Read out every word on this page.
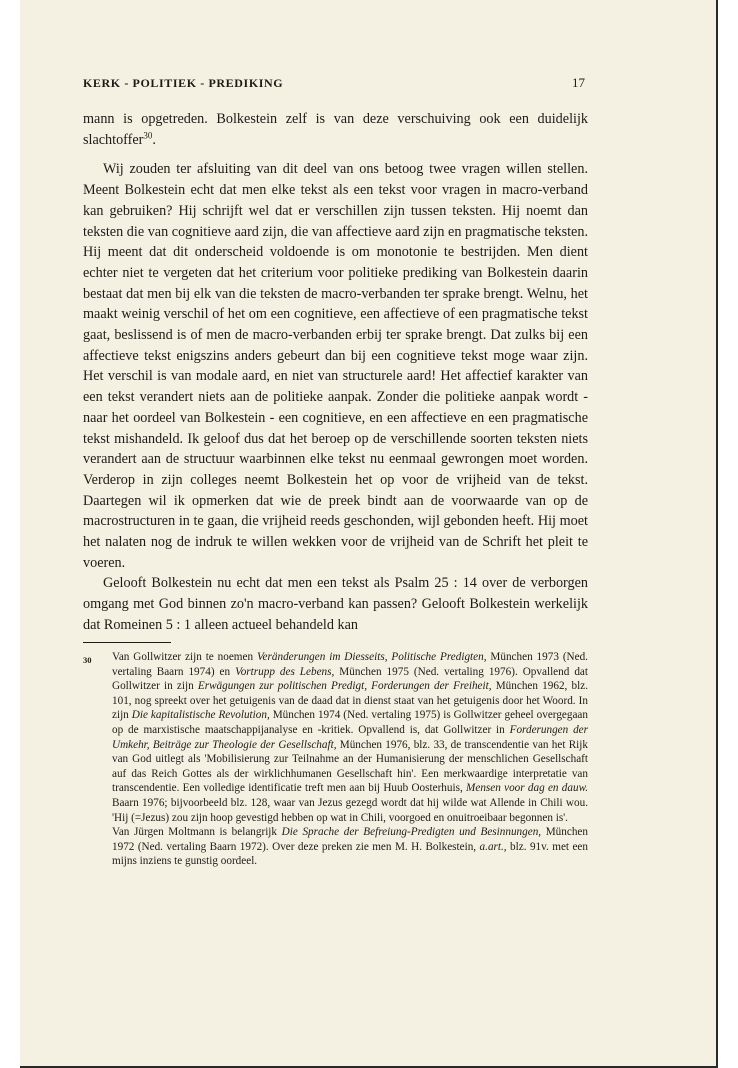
KERK - POLITIEK - PREDIKING	17

mann is opgetreden. Bolkestein zelf is van deze verschuiving ook een duidelijk slachtoffer$^{30}$.

Wij zouden ter afsluiting van dit deel van ons betoog twee vragen willen stellen. Meent Bolkestein echt dat men elke tekst als een tekst voor vragen in macro-verband kan gebruiken? Hij schrijft wel dat er verschillen zijn tussen teksten. Hij noemt dan teksten die van cognitieve aard zijn, die van affectieve aard zijn en pragmatische teksten. Hij meent dat dit onderscheid voldoende is om monotonie te bestrijden. Men dient echter niet te vergeten dat het criterium voor politieke prediking van Bolkestein daarin bestaat dat men bij elk van die teksten de macro-verbanden ter sprake brengt. Welnu, het maakt weinig verschil of het om een cognitieve, een affectieve of een pragmatische tekst gaat, beslissend is of men de macro-verbanden erbij ter sprake brengt. Dat zulks bij een affectieve tekst enigszins anders gebeurt dan bij een cognitieve tekst moge waar zijn. Het verschil is van modale aard, en niet van structurele aard! Het affectief karakter van een tekst verandert niets aan de politieke aanpak. Zonder die politieke aanpak wordt - naar het oordeel van Bolkestein - een cognitieve, en een affectieve en een pragmatische tekst mishandeld. Ik geloof dus dat het beroep op de verschillende soorten teksten niets verandert aan de structuur waarbinnen elke tekst nu eenmaal gewrongen moet worden. Verderop in zijn colleges neemt Bolkestein het op voor de vrijheid van de tekst. Daartegen wil ik opmerken dat wie de preek bindt aan de voorwaarde van op de macrostructuren in te gaan, die vrijheid reeds geschonden, wijl gebonden heeft. Hij moet het nalaten nog de indruk te willen wekken voor de vrijheid van de Schrift het pleit te voeren.

Gelooft Bolkestein nu echt dat men een tekst als Psalm 25 : 14 over de verborgen omgang met God binnen zo'n macro-verband kan passen? Gelooft Bolkestein werkelijk dat Romeinen 5 : 1 alleen actueel behandeld kan

30 Van Gollwitzer zijn te noemen Veränderungen im Diesseits, Politische Predigten, München 1973 (Ned. vertaling Baarn 1974) en Vortrupp des Lebens, München 1975 (Ned. vertaling 1976). Opvallend dat Gollwitzer in zijn Erwägungen zur politischen Predigt, Forderungen der Freiheit, München 1962, blz. 101, nog spreekt over het getuigenis van de daad dat in dienst staat van het getuigenis door het Woord. In zijn Die kapitalistische Revolution, München 1974 (Ned. vertaling 1975) is Gollwitzer geheel overgegaan op de marxistische maatschappijanalyse en -kritiek. Opvallend is, dat Gollwitzer in Forderungen der Umkehr, Beiträge zur Theologie der Gesellschaft, München 1976, blz. 33, de transcendentie van het Rijk van God uitlegt als 'Mobilisierung zur Teilnahme an der Humanisierung der menschlichen Gesellschaft auf das Reich Gottes als der wirklichhumanen Gesellschaft hin'. Een merkwaardige interpretatie van transcendentie. Een volledige identificatie treft men aan bij Huub Oosterhuis, Mensen voor dag en dauw. Baarn 1976; bijvoorbeeld blz. 128, waar van Jezus gezegd wordt dat hij wilde wat Allende in Chili wou. 'Hij (=Jezus) zou zijn hoop gevestigd hebben op wat in Chili, voorgoed en onuitroeibaar begonnen is'.

Van Jürgen Moltmann is belangrijk Die Sprache der Befreiung-Predigten und Besinnungen, München 1972 (Ned. vertaling Baarn 1972). Over deze preken zie men M. H. Bolkestein, a.art., blz. 91v. met een mijns inziens te gunstig oordeel.
